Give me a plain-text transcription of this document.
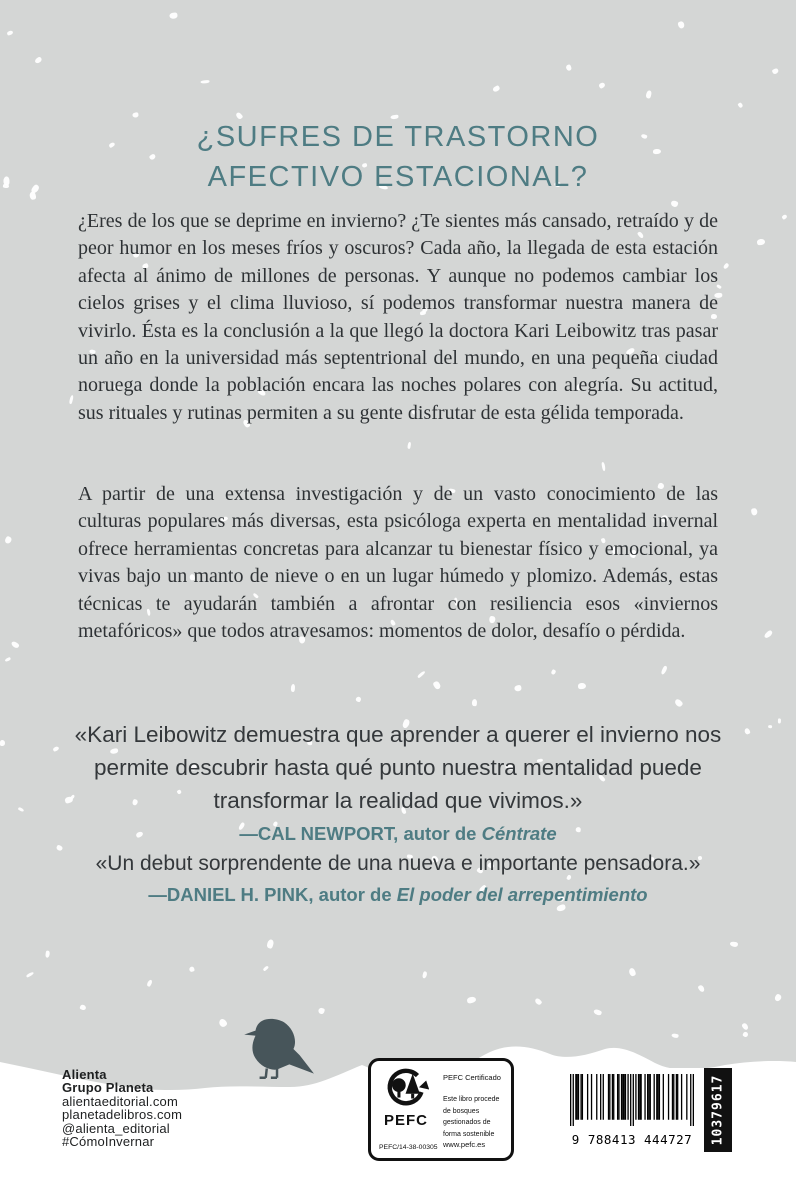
¿SUFRES DE TRASTORNO
AFECTIVO ESTACIONAL?

¿Eres de los que se deprime en invierno? ¿Te sientes más cansado, retraído y de peor humor en los meses fríos y oscuros? Cada año, la llegada de esta estación afecta al ánimo de millones de personas. Y aunque no podemos cambiar los cielos grises y el clima lluvioso, sí podemos transformar nuestra manera de vivirlo. Ésta es la conclusión a la que llegó la doctora Kari Leibowitz tras pasar un año en la universidad más septentrional del mundo, en una pequeña ciudad noruega donde la población encara las noches polares con alegría. Su actitud, sus rituales y rutinas permiten a su gente disfrutar de esta gélida temporada.

A partir de una extensa investigación y de un vasto conocimiento de las culturas populares más diversas, esta psicóloga experta en mentalidad invernal ofrece herramientas concretas para alcanzar tu bienestar físico y emocional, ya vivas bajo un manto de nieve o en un lugar húmedo y plomizo. Además, estas técnicas te ayudarán también a afrontar con resiliencia esos «inviernos metafóricos» que todos atravesamos: momentos de dolor, desafío o pérdida.

«Kari Leibowitz demuestra que aprender a querer el invierno nos permite descubrir hasta qué punto nuestra mentalidad puede transformar la realidad que vivimos.»
—CAL NEWPORT, autor de Céntrate
«Un debut sorprendente de una nueva e importante pensadora.»
—DANIEL H. PINK, autor de El poder del arrepentimiento
Alienta
Grupo Planeta
alientaeditorial.com
planetadelibros.com
@alienta_editorial
#CómoInvernar
PEFC
PEFC Certificado
Este libro procede de bosques gestionados de forma sostenible
PEFC/14-38-00305 www.pefc.es	9 788413 444727	10379617
